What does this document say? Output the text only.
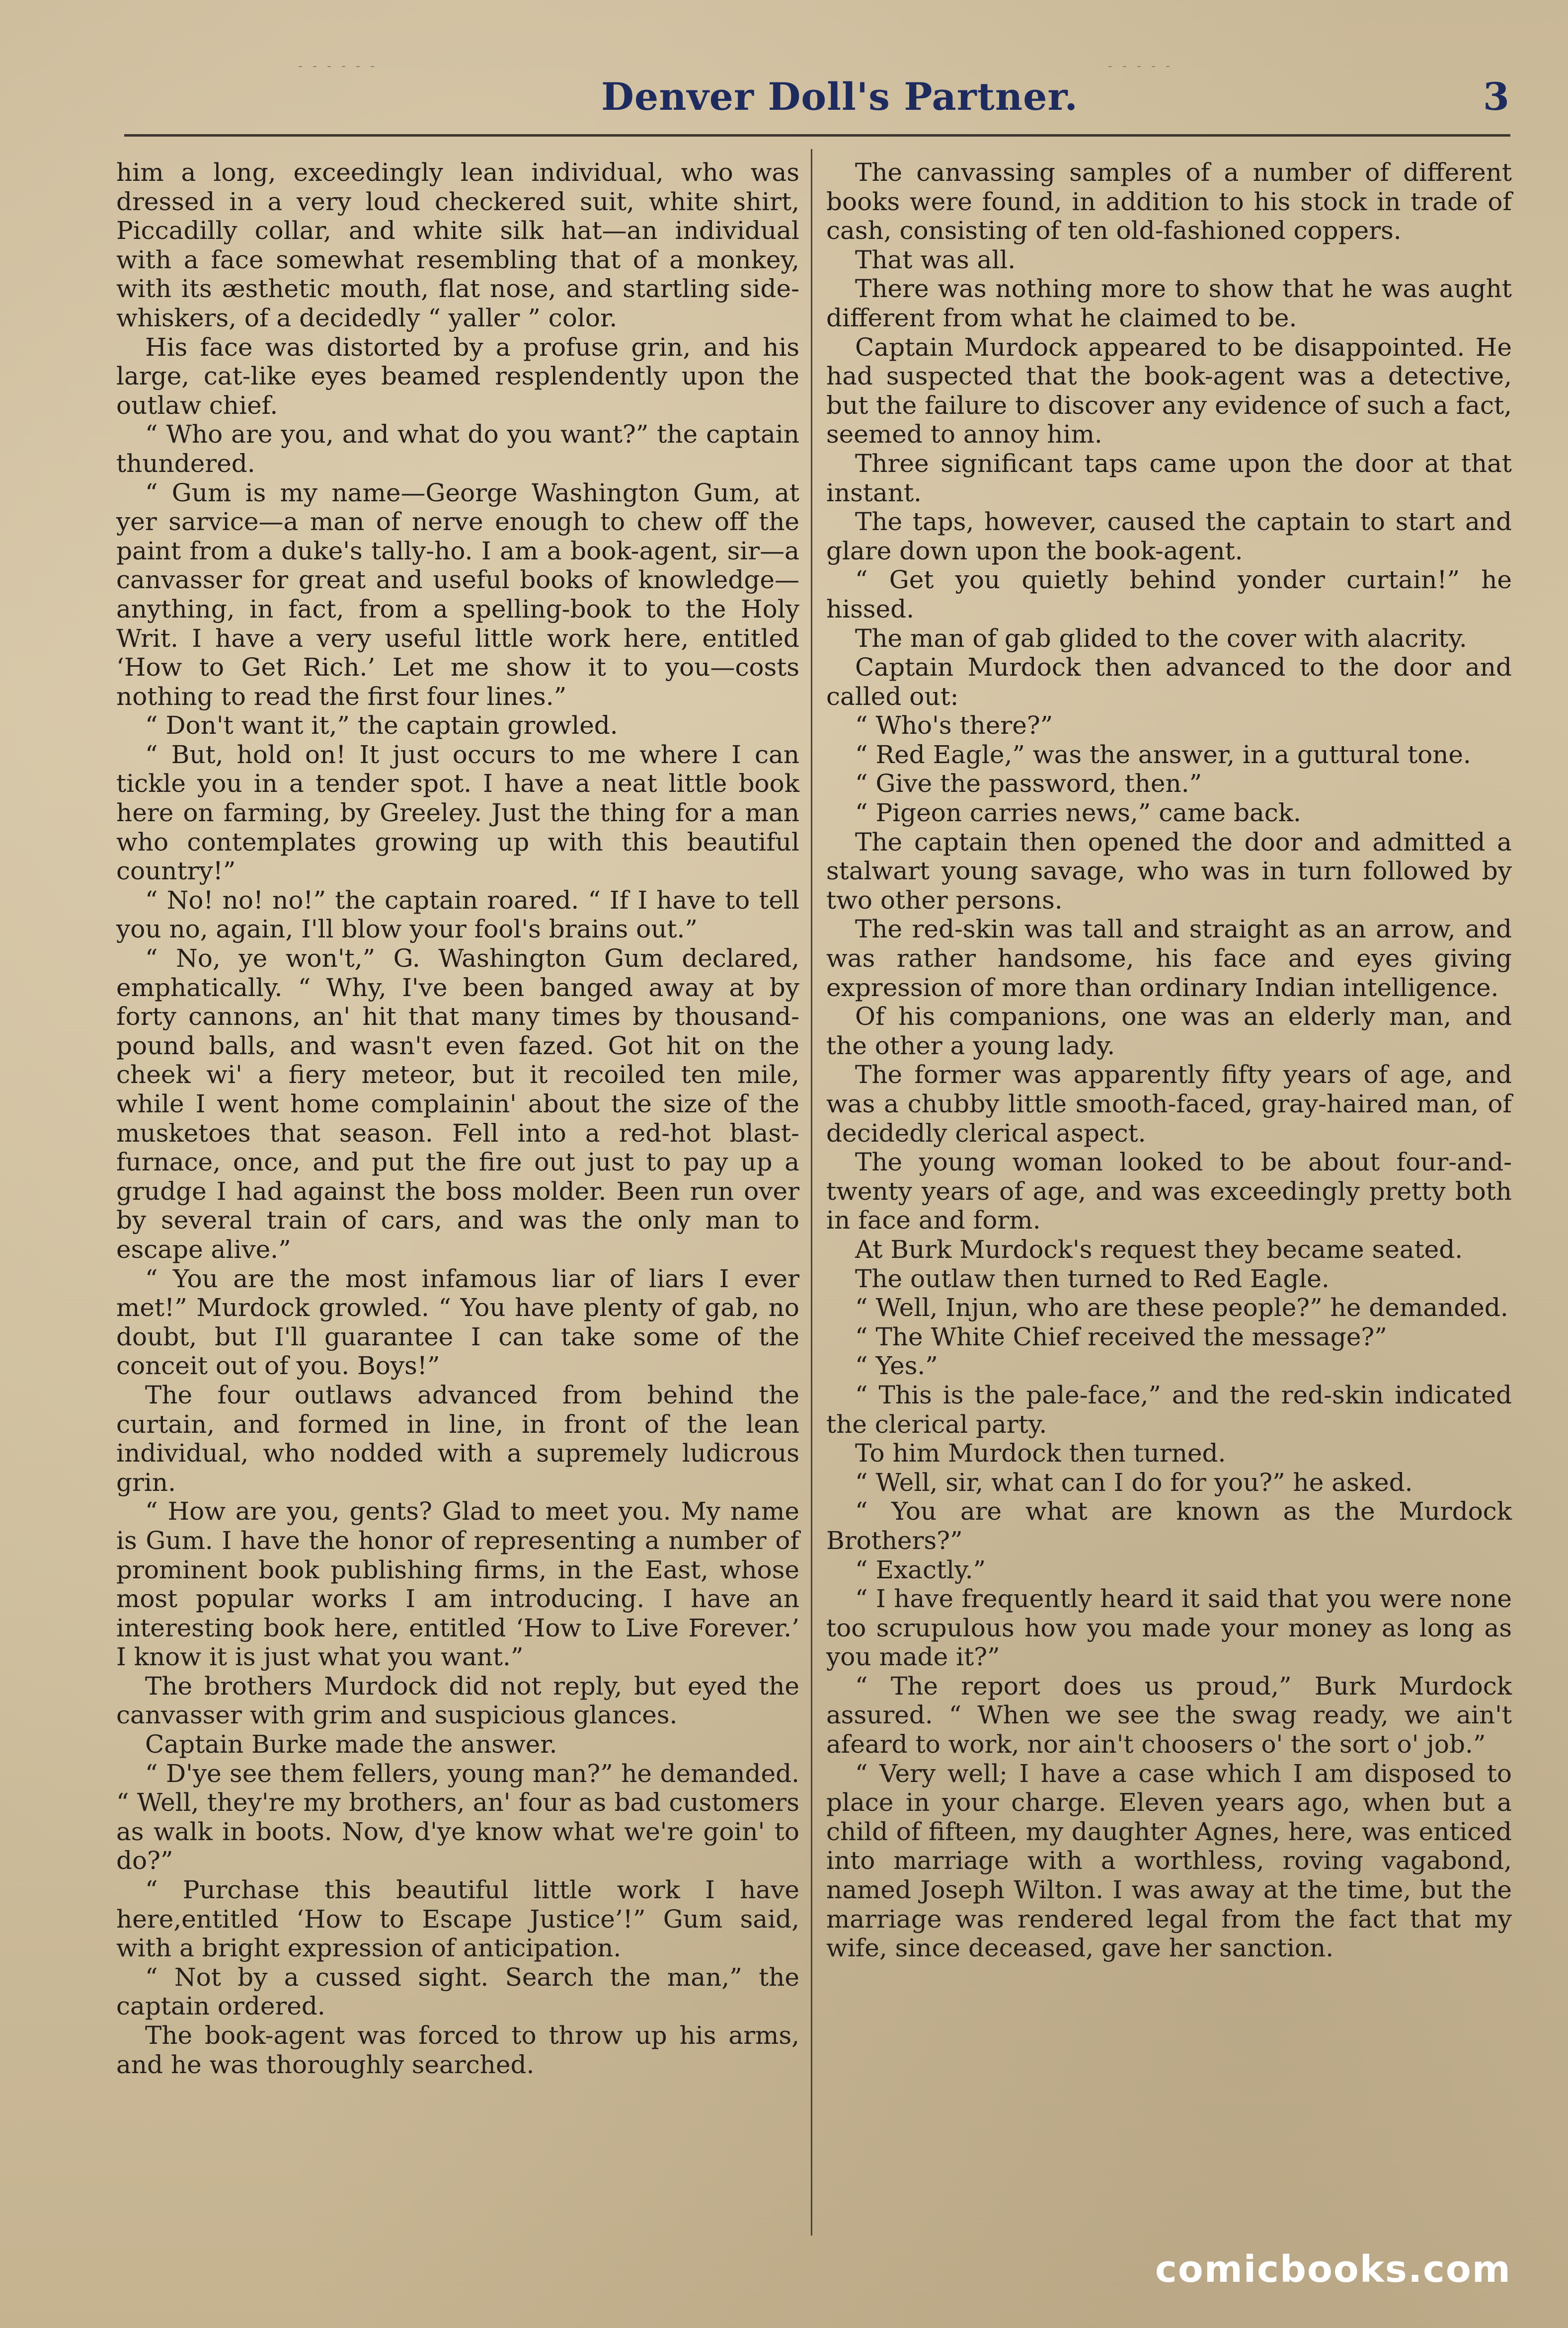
- - - - - -	- - - - -
Denver Doll's Partner.	3

him a long, exceedingly lean individual, who was dressed in a very loud checkered suit, white shirt, Piccadilly collar, and white silk hat—an individual with a face somewhat resembling that of a monkey, with its æsthetic mouth, flat nose, and startling side-whiskers, of a decidedly “ yaller ” color.

His face was distorted by a profuse grin, and his large, cat-like eyes beamed resplendently upon the outlaw chief.

“ Who are you, and what do you want?” the captain thundered.

“ Gum is my name—George Washington Gum, at yer sarvice—a man of nerve enough to chew off the paint from a duke's tally-ho. I am a book-agent, sir—a canvasser for great and useful books of knowledge—anything, in fact, from a spelling-book to the Holy Writ. I have a very useful little work here, entitled ‘How to Get Rich.’ Let me show it to you—costs nothing to read the first four lines.”

“ Don't want it,” the captain growled.

“ But, hold on! It just occurs to me where I can tickle you in a tender spot. I have a neat little book here on farming, by Greeley. Just the thing for a man who contemplates growing up with this beautiful country!”

“ No! no! no!” the captain roared. “ If I have to tell you no, again, I'll blow your fool's brains out.”

“ No, ye won't,” G. Washington Gum declared, emphatically. “ Why, I've been banged away at by forty cannons, an' hit that many times by thousand-pound balls, and wasn't even fazed. Got hit on the cheek wi' a fiery meteor, but it recoiled ten mile, while I went home complainin' about the size of the musketoes that season. Fell into a red-hot blast-furnace, once, and put the fire out just to pay up a grudge I had against the boss molder. Been run over by several train of cars, and was the only man to escape alive.”

“ You are the most infamous liar of liars I ever met!” Murdock growled. “ You have plenty of gab, no doubt, but I'll guarantee I can take some of the conceit out of you. Boys!”

The four outlaws advanced from behind the curtain, and formed in line, in front of the lean individual, who nodded with a supremely ludicrous grin.

“ How are you, gents? Glad to meet you. My name is Gum. I have the honor of representing a number of prominent book publishing firms, in the East, whose most popular works I am introducing. I have an interesting book here, entitled ‘How to Live Forever.’ I know it is just what you want.”

The brothers Murdock did not reply, but eyed the canvasser with grim and suspicious glances.

Captain Burke made the answer.

“ D'ye see them fellers, young man?” he demanded. “ Well, they're my brothers, an' four as bad customers as walk in boots. Now, d'ye know what we're goin' to do?”

“ Purchase this beautiful little work I have here,entitled ‘How to Escape Justice’!” Gum said, with a bright expression of anticipation.

“ Not by a cussed sight. Search the man,” the captain ordered.

The book-agent was forced to throw up his arms, and he was thoroughly searched.

The canvassing samples of a number of different books were found, in addition to his stock in trade of cash, consisting of ten old-fashioned coppers.

That was all.

There was nothing more to show that he was aught different from what he claimed to be.

Captain Murdock appeared to be disappointed. He had suspected that the book-agent was a detective, but the failure to discover any evidence of such a fact, seemed to annoy him.

Three significant taps came upon the door at that instant.

The taps, however, caused the captain to start and glare down upon the book-agent.

“ Get you quietly behind yonder curtain!” he hissed.

The man of gab glided to the cover with alacrity.

Captain Murdock then advanced to the door and called out:

“ Who's there?”

“ Red Eagle,” was the answer, in a guttural tone.

“ Give the password, then.”

“ Pigeon carries news,” came back.

The captain then opened the door and admitted a stalwart young savage, who was in turn followed by two other persons.

The red-skin was tall and straight as an arrow, and was rather handsome, his face and eyes giving expression of more than ordinary Indian intelligence.

Of his companions, one was an elderly man, and the other a young lady.

The former was apparently fifty years of age, and was a chubby little smooth-faced, gray-haired man, of decidedly clerical aspect.

The young woman looked to be about four-and-twenty years of age, and was exceedingly pretty both in face and form.

At Burk Murdock's request they became seated.

The outlaw then turned to Red Eagle.

“ Well, Injun, who are these people?” he demanded.

“ The White Chief received the message?”

“ Yes.”

“ This is the pale-face,” and the red-skin indicated the clerical party.

To him Murdock then turned.

“ Well, sir, what can I do for you?” he asked.

“ You are what are known as the Murdock Brothers?”

“ Exactly.”

“ I have frequently heard it said that you were none too scrupulous how you made your money as long as you made it?”

“ The report does us proud,” Burk Murdock assured. “ When we see the swag ready, we ain't afeard to work, nor ain't choosers o' the sort o' job.”

“ Very well; I have a case which I am disposed to place in your charge. Eleven years ago, when but a child of fifteen, my daughter Agnes, here, was enticed into marriage with a worthless, roving vagabond, named Joseph Wilton. I was away at the time, but the marriage was rendered legal from the fact that my wife, since deceased, gave her sanction.

comicbooks.com
